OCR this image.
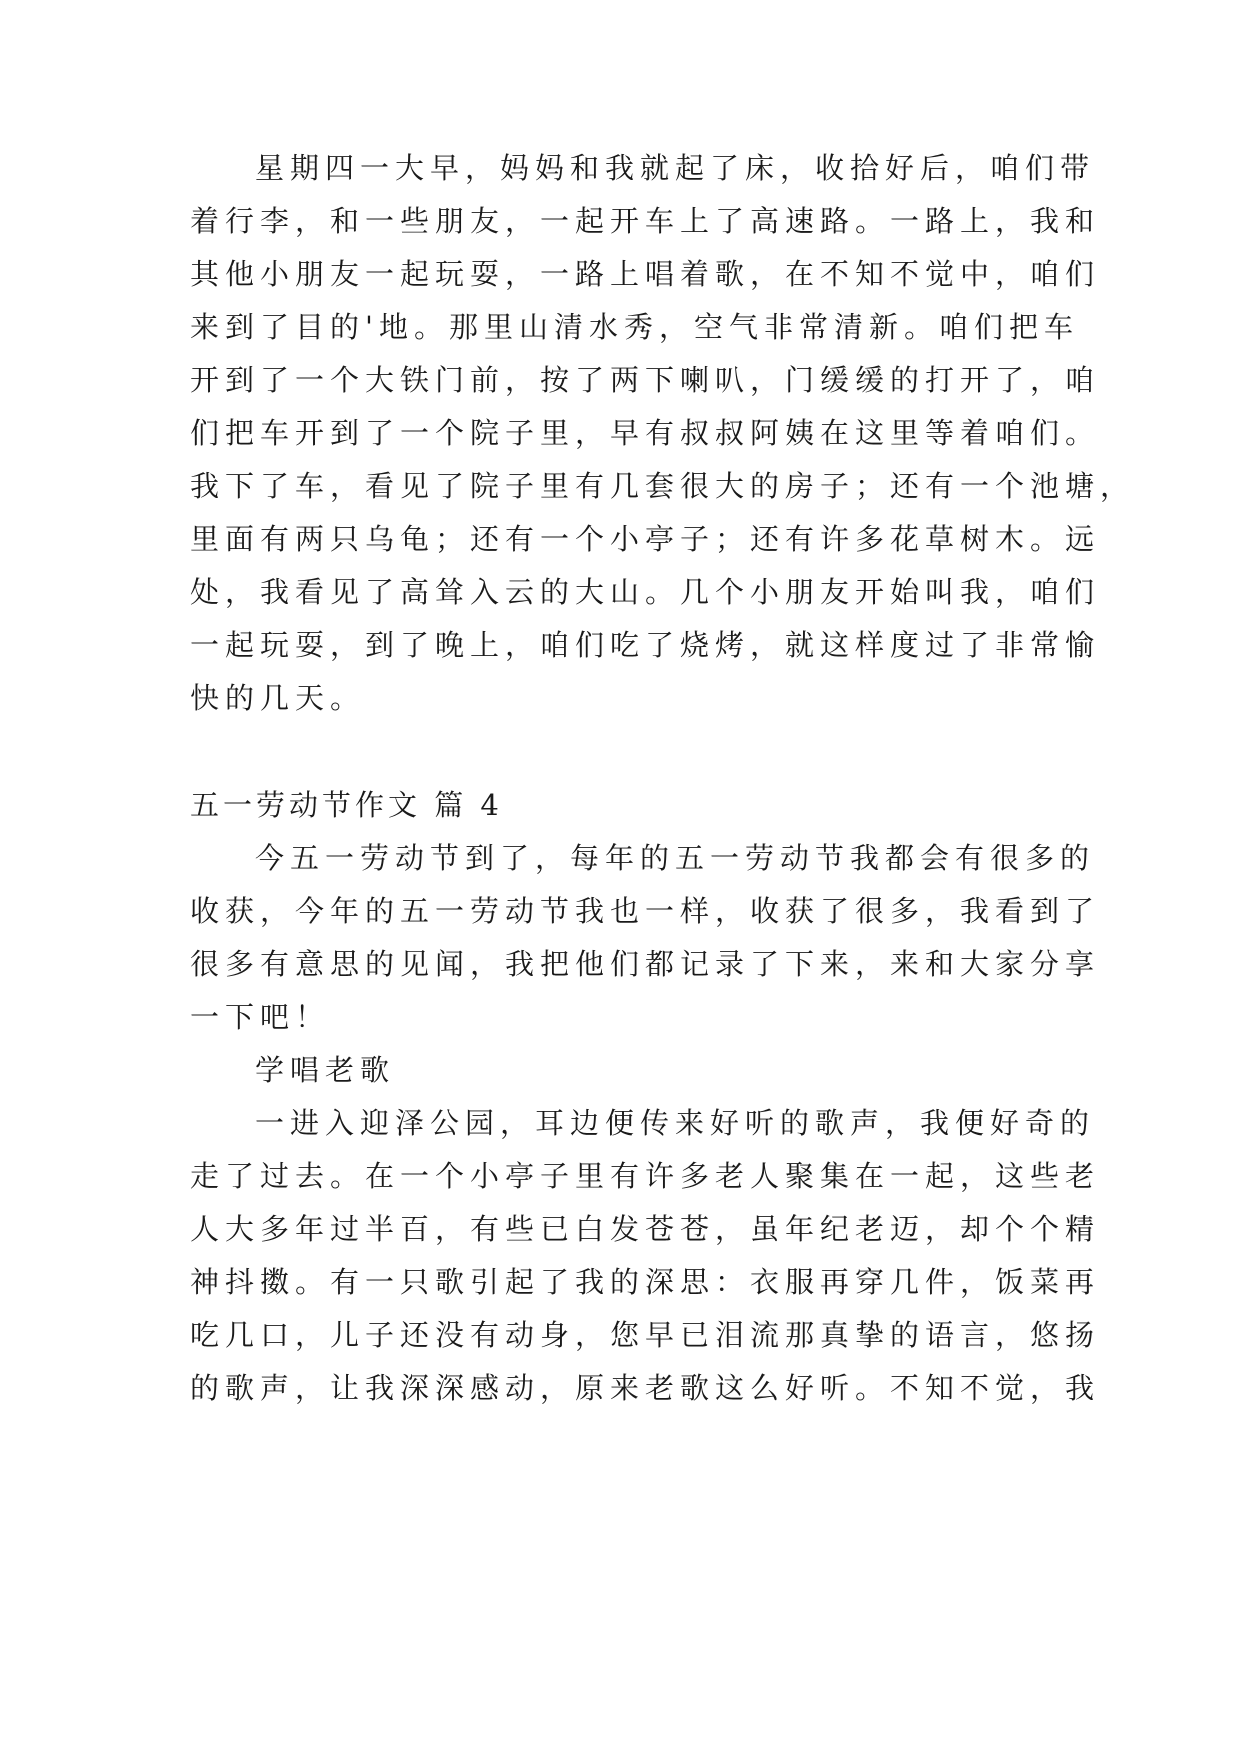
星期四一大早，妈妈和我就起了床，收拾好后，咱们带
着行李，和一些朋友，一起开车上了高速路。一路上，我和
其他小朋友一起玩耍，一路上唱着歌，在不知不觉中，咱们
来到了目的'地。那里山清水秀，空气非常清新。咱们把车
开到了一个大铁门前，按了两下喇叭，门缓缓的打开了，咱
们把车开到了一个院子里，早有叔叔阿姨在这里等着咱们。
我下了车，看见了院子里有几套很大的房子；还有一个池塘，
里面有两只乌龟；还有一个小亭子；还有许多花草树木。远
处，我看见了高耸入云的大山。几个小朋友开始叫我，咱们
一起玩耍，到了晚上，咱们吃了烧烤，就这样度过了非常愉
快的几天。
五一劳动节作文 篇 4
今五一劳动节到了，每年的五一劳动节我都会有很多的
收获，今年的五一劳动节我也一样，收获了很多，我看到了
很多有意思的见闻，我把他们都记录了下来，来和大家分享
一下吧！
学唱老歌
一进入迎泽公园，耳边便传来好听的歌声，我便好奇的
走了过去。在一个小亭子里有许多老人聚集在一起，这些老
人大多年过半百，有些已白发苍苍，虽年纪老迈，却个个精
神抖擞。有一只歌引起了我的深思：衣服再穿几件，饭菜再
吃几口，儿子还没有动身，您早已泪流那真挚的语言，悠扬
的歌声，让我深深感动，原来老歌这么好听。不知不觉，我
